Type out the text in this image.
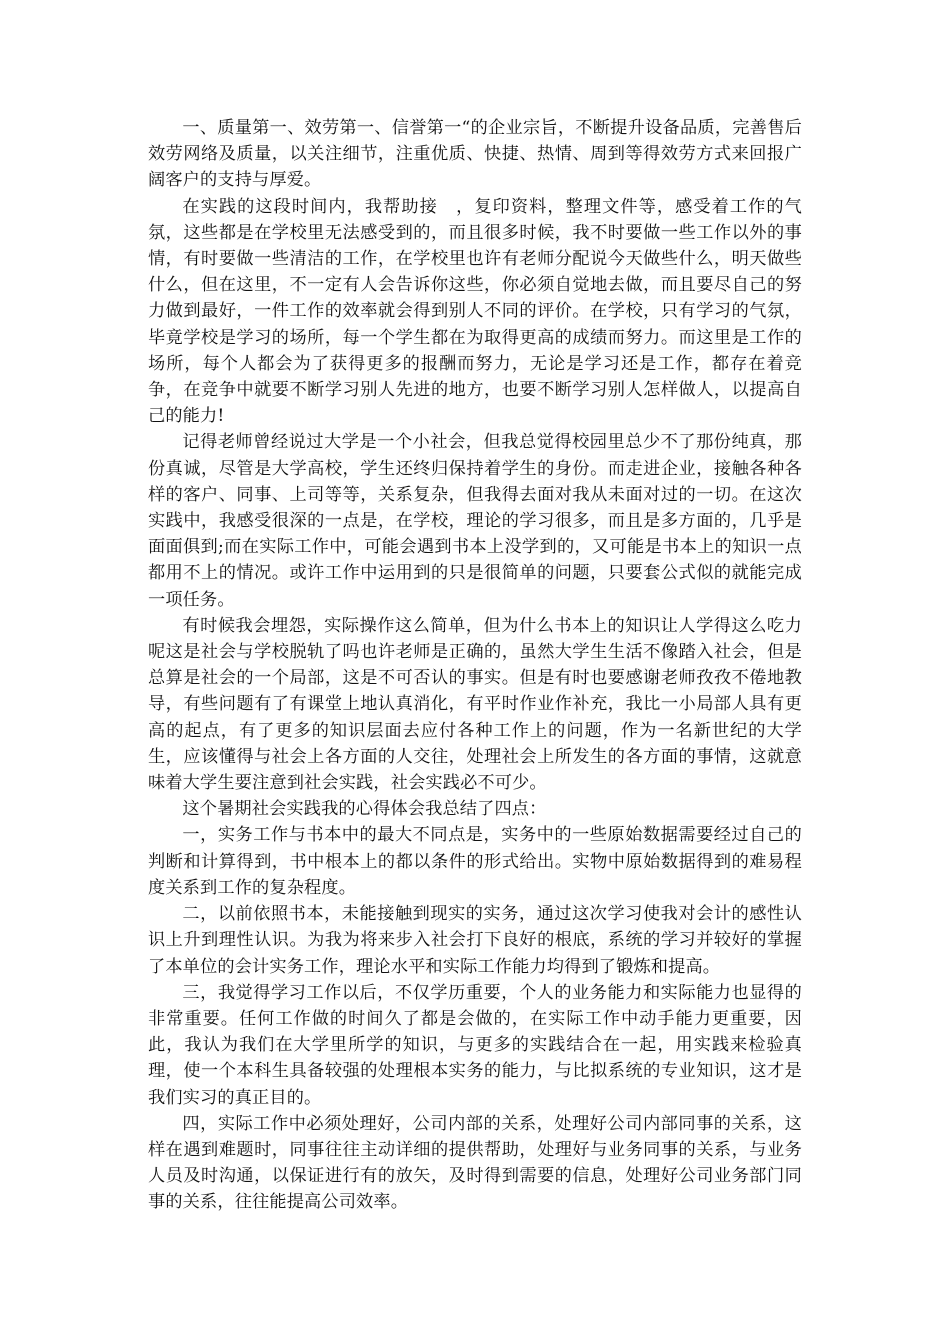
一、质量第一、效劳第一、信誉第一“的企业宗旨，不断提升设备品质，完善售后效劳网络及质量，以关注细节，注重优质、快捷、热情、周到等得效劳方式来回报广阔客户的支持与厚爱。

在实践的这段时间内，我帮助接　，复印资料，整理文件等，感受着工作的气氛，这些都是在学校里无法感受到的，而且很多时候，我不时要做一些工作以外的事情，有时要做一些清洁的工作，在学校里也许有老师分配说今天做些什么，明天做些什么，但在这里，不一定有人会告诉你这些，你必须自觉地去做，而且要尽自己的努力做到最好，一件工作的效率就会得到别人不同的评价。在学校，只有学习的气氛，毕竟学校是学习的场所，每一个学生都在为取得更高的成绩而努力。而这里是工作的场所，每个人都会为了获得更多的报酬而努力，无论是学习还是工作，都存在着竞争，在竞争中就要不断学习别人先进的地方，也要不断学习别人怎样做人，以提高自己的能力!

记得老师曾经说过大学是一个小社会，但我总觉得校园里总少不了那份纯真，那份真诚，尽管是大学高校，学生还终归保持着学生的身份。而走进企业，接触各种各样的客户、同事、上司等等，关系复杂，但我得去面对我从未面对过的一切。在这次实践中，我感受很深的一点是，在学校，理论的学习很多，而且是多方面的，几乎是面面俱到;而在实际工作中，可能会遇到书本上没学到的，又可能是书本上的知识一点都用不上的情况。或许工作中运用到的只是很简单的问题，只要套公式似的就能完成一项任务。

有时候我会埋怨，实际操作这么简单，但为什么书本上的知识让人学得这么吃力呢这是社会与学校脱轨了吗也许老师是正确的，虽然大学生生活不像踏入社会，但是总算是社会的一个局部，这是不可否认的事实。但是有时也要感谢老师孜孜不倦地教导，有些问题有了有课堂上地认真消化，有平时作业作补充，我比一小局部人具有更高的起点，有了更多的知识层面去应付各种工作上的问题，作为一名新世纪的大学生，应该懂得与社会上各方面的人交往，处理社会上所发生的各方面的事情，这就意味着大学生要注意到社会实践，社会实践必不可少。

这个暑期社会实践我的心得体会我总结了四点：

一，实务工作与书本中的最大不同点是，实务中的一些原始数据需要经过自己的判断和计算得到，书中根本上的都以条件的形式给出。实物中原始数据得到的难易程度关系到工作的复杂程度。

二，以前依照书本，未能接触到现实的实务，通过这次学习使我对会计的感性认识上升到理性认识。为我为将来步入社会打下良好的根底，系统的学习并较好的掌握了本单位的会计实务工作，理论水平和实际工作能力均得到了锻炼和提高。

三，我觉得学习工作以后，不仅学历重要，个人的业务能力和实际能力也显得的非常重要。任何工作做的时间久了都是会做的，在实际工作中动手能力更重要，因此，我认为我们在大学里所学的知识，与更多的实践结合在一起，用实践来检验真理，使一个本科生具备较强的处理根本实务的能力，与比拟系统的专业知识，这才是我们实习的真正目的。

四，实际工作中必须处理好，公司内部的关系，处理好公司内部同事的关系，这样在遇到难题时，同事往往主动详细的提供帮助，处理好与业务同事的关系，与业务人员及时沟通，以保证进行有的放矢，及时得到需要的信息，处理好公司业务部门同事的关系，往往能提高公司效率。
